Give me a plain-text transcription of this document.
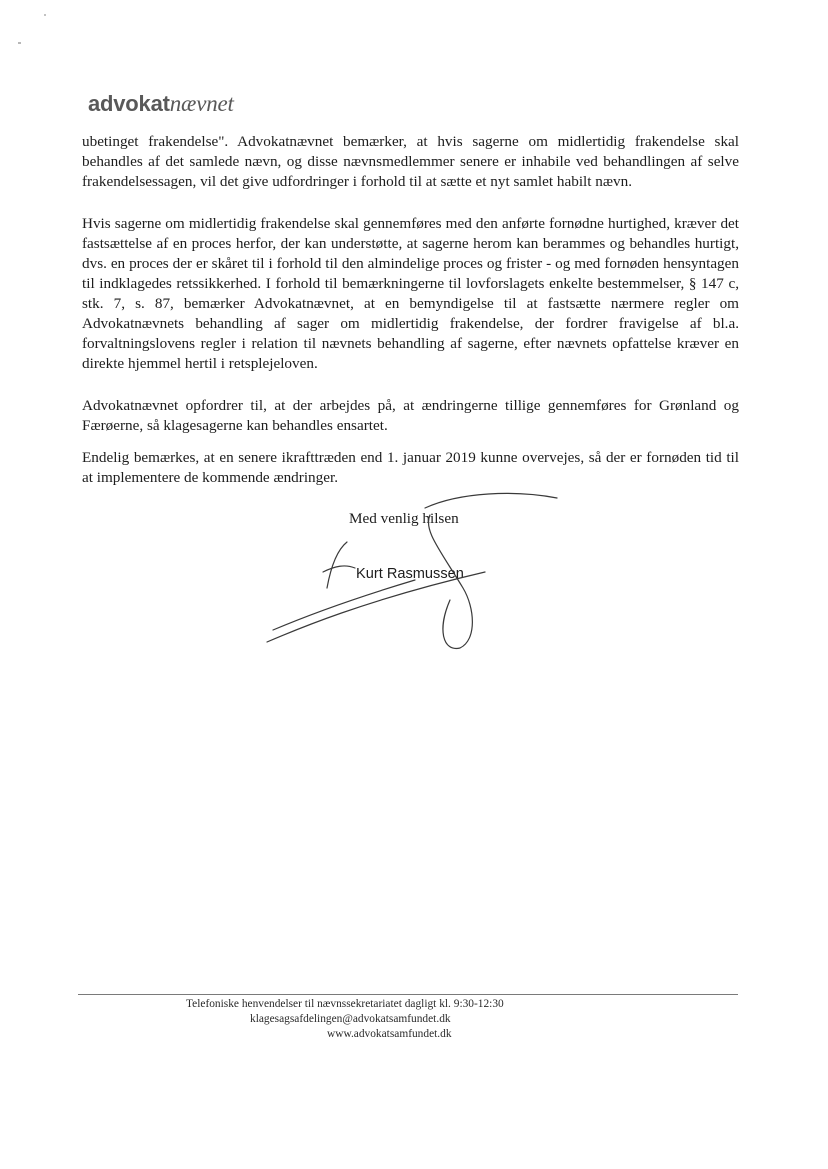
advokatnævnet

ubetinget frakendelse". Advokatnævnet bemærker, at hvis sagerne om midlertidig frakendelse skal behandles af det samlede nævn, og disse nævnsmedlemmer senere er inhabile ved behandlingen af selve frakendelsessagen, vil det give udfordringer i forhold til at sætte et nyt samlet habilt nævn.

Hvis sagerne om midlertidig frakendelse skal gennemføres med den anførte fornødne hurtighed, kræver det fastsættelse af en proces herfor, der kan understøtte, at sagerne herom kan berammes og behandles hurtigt, dvs. en proces der er skåret til i forhold til den almindelige proces og frister - og med fornøden hensyntagen til indklagedes retssikkerhed. I forhold til bemærkningerne til lovforslagets enkelte bestemmelser, § 147 c, stk. 7, s. 87, bemærker Advokatnævnet, at en bemyndigelse til at fastsætte nærmere regler om Advokatnævnets behandling af sager om midlertidig frakendelse, der fordrer fravigelse af bl.a. forvaltningslovens regler i relation til nævnets behandling af sagerne, efter nævnets opfattelse kræver en direkte hjemmel hertil i retsplejeloven.

Advokatnævnet opfordrer til, at der arbejdes på, at ændringerne tillige gennemføres for Grønland og Færøerne, så klagesagerne kan behandles ensartet.

Endelig bemærkes, at en senere ikrafttræden end 1. januar 2019 kunne overvejes, så der er fornøden tid til at implementere de kommende ændringer.

Med venlig hilsen
Kurt Rasmussen
Telefoniske henvendelser til nævnssekretariatet dagligt kl. 9:30-12:30
klagesagsafdelingen@advokatsamfundet.dk
www.advokatsamfundet.dk
